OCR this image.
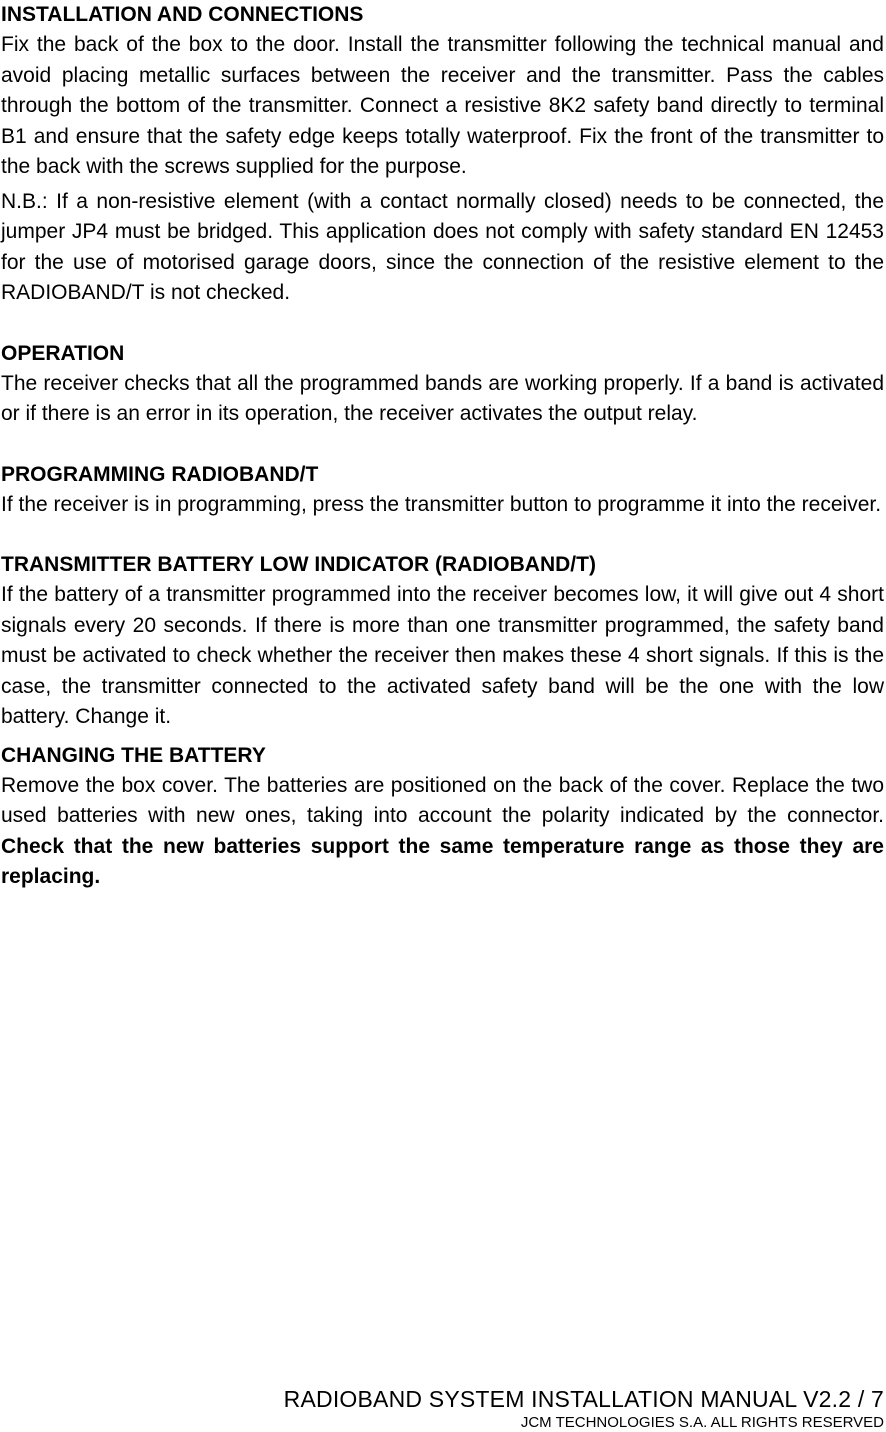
INSTALLATION AND CONNECTIONS

Fix the back of the box to the door. Install the transmitter following the technical manual and avoid placing metallic surfaces between the receiver and the transmitter. Pass the cables through the bottom of the transmitter. Connect a resistive 8K2 safety band directly to terminal B1 and ensure that the safety edge keeps totally waterproof. Fix the front of the transmitter to the back with the screws supplied for the purpose.

N.B.: If a non-resistive element (with a contact normally closed) needs to be connected, the jumper JP4 must be bridged. This application does not comply with safety standard EN 12453 for the use of motorised garage doors, since the connection of the resistive element to the RADIOBAND/T is not checked.

OPERATION

The receiver checks that all the programmed bands are working properly. If a band is activated or if there is an error in its operation, the receiver activates the output relay.

PROGRAMMING RADIOBAND/T

If the receiver is in programming, press the transmitter button to programme it into the receiver.

TRANSMITTER BATTERY LOW INDICATOR (RADIOBAND/T)

If the battery of a transmitter programmed into the receiver becomes low, it will give out 4 short signals every 20 seconds. If there is more than one transmitter programmed, the safety band must be activated to check whether the receiver then makes these 4 short signals. If this is the case, the transmitter connected to the activated safety band will be the one with the low battery. Change it.

CHANGING THE BATTERY

Remove the box cover. The batteries are positioned on the back of the cover. Replace the two used batteries with new ones, taking into account the polarity indicated by the connector. Check that the new batteries support the same temperature range as those they are replacing.

RADIOBAND SYSTEM INSTALLATION MANUAL V2.2 / 7
JCM TECHNOLOGIES S.A. ALL RIGHTS RESERVED
